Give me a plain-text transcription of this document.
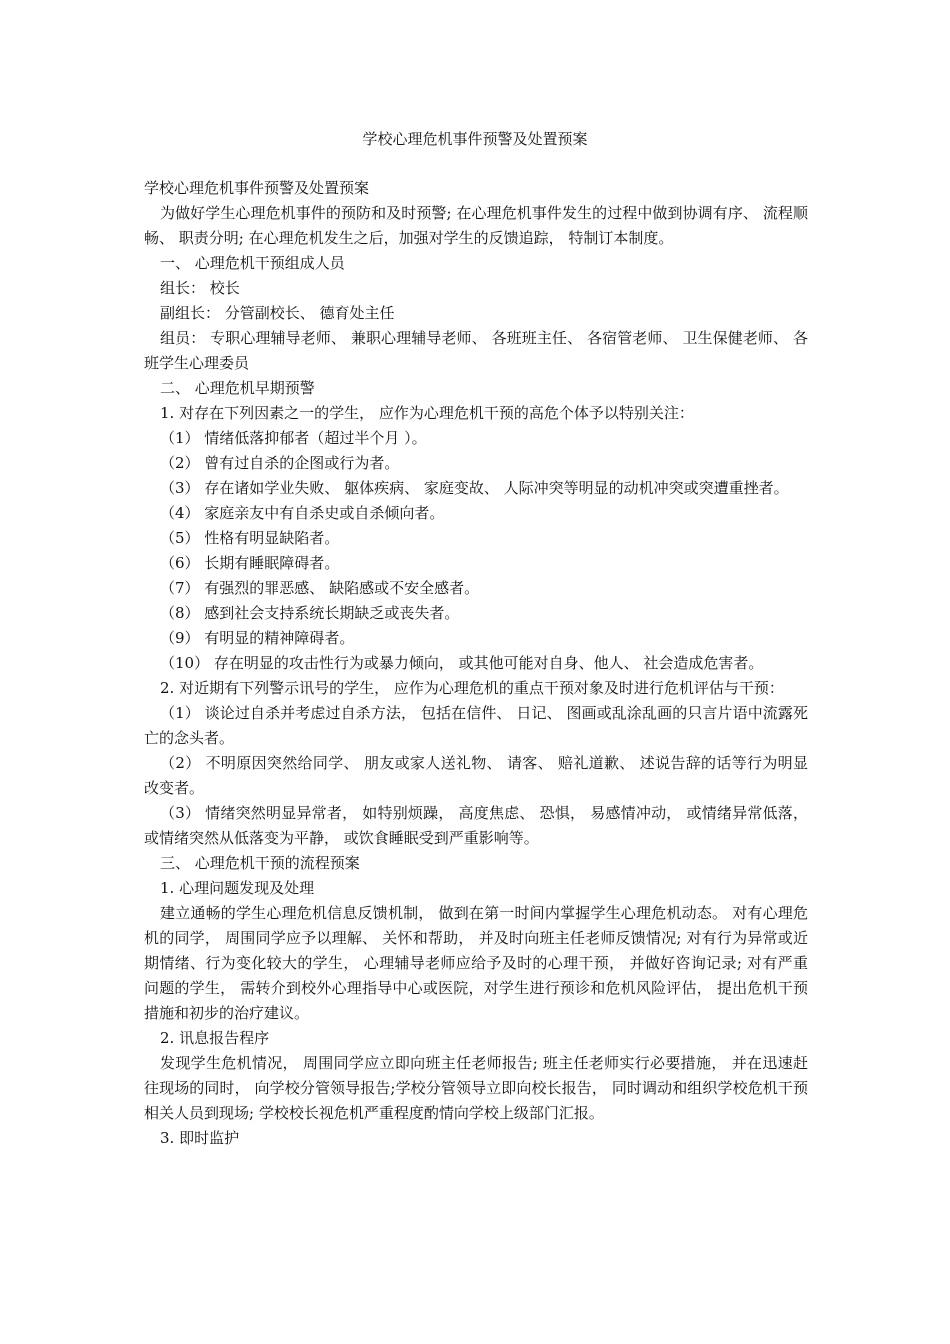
学校心理危机事件预警及处置预案

学校心理危机事件预警及处置预案

为做好学生心理危机事件的预防和及时预警; 在心理危机事件发生的过程中做到协调有序、 流程顺畅、 职责分明; 在心理危机发生之后，加强对学生的反馈追踪， 特制订本制度。

一、 心理危机干预组成人员

组长： 校长

副组长： 分管副校长、 德育处主任

组员： 专职心理辅导老师、 兼职心理辅导老师、 各班班主任、 各宿管老师、 卫生保健老师、 各班学生心理委员

二、 心理危机早期预警

1. 对存在下列因素之一的学生， 应作为心理危机干预的高危个体予以特别关注：

（1） 情绪低落抑郁者（超过半个月 ）。

（2） 曾有过自杀的企图或行为者。

（3） 存在诸如学业失败、 躯体疾病、 家庭变故、 人际冲突等明显的动机冲突或突遭重挫者。

（4） 家庭亲友中有自杀史或自杀倾向者。

（5） 性格有明显缺陷者。

（6） 长期有睡眠障碍者。

（7） 有强烈的罪恶感、 缺陷感或不安全感者。

（8） 感到社会支持系统长期缺乏或丧失者。

（9） 有明显的精神障碍者。

（10） 存在明显的攻击性行为或暴力倾向， 或其他可能对自身、他人、 社会造成危害者。

2. 对近期有下列警示讯号的学生， 应作为心理危机的重点干预对象及时进行危机评估与干预：

（1） 谈论过自杀并考虑过自杀方法， 包括在信件、 日记、 图画或乱涂乱画的只言片语中流露死亡的念头者。

（2） 不明原因突然给同学、 朋友或家人送礼物、 请客、 赔礼道歉、 述说告辞的话等行为明显改变者。

（3） 情绪突然明显异常者， 如特别烦躁， 高度焦虑、 恐惧， 易感情冲动， 或情绪异常低落， 或情绪突然从低落变为平静， 或饮食睡眠受到严重影响等。

三、 心理危机干预的流程预案

1. 心理问题发现及处理

建立通畅的学生心理危机信息反馈机制， 做到在第一时间内掌握学生心理危机动态。 对有心理危机的同学， 周围同学应予以理解、 关怀和帮助， 并及时向班主任老师反馈情况; 对有行为异常或近期情绪、行为变化较大的学生， 心理辅导老师应给予及时的心理干预， 并做好咨询记录; 对有严重问题的学生， 需转介到校外心理指导中心或医院，对学生进行预诊和危机风险评估， 提出危机干预措施和初步的治疗建议。

2. 讯息报告程序

发现学生危机情况， 周围同学应立即向班主任老师报告; 班主任老师实行必要措施， 并在迅速赶往现场的同时， 向学校分管领导报告;学校分管领导立即向校长报告， 同时调动和组织学校危机干预相关人员到现场; 学校校长视危机严重程度酌情向学校上级部门汇报。

3. 即时监护
